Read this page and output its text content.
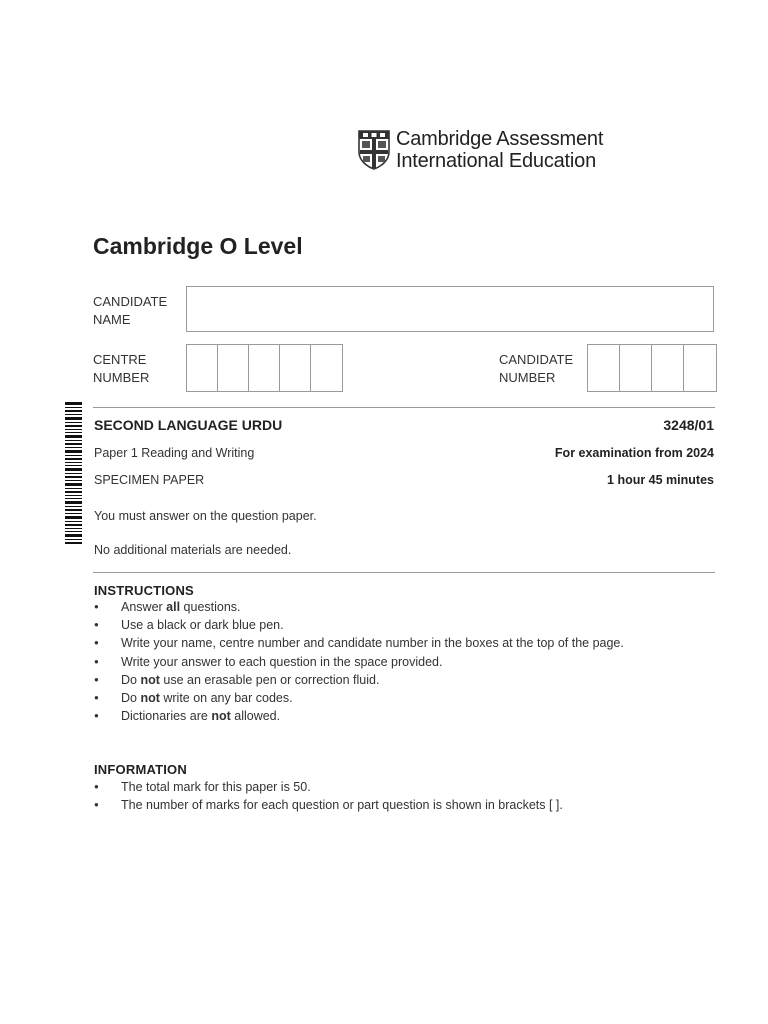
Cambridge Assessment
International Education
Cambridge O Level
CANDIDATE
NAME
CENTRE
NUMBER
CANDIDATE
NUMBER
SECOND LANGUAGE URDU	3248/01
Paper 1 Reading and Writing	For examination from 2024
SPECIMEN PAPER	1 hour 45 minutes
You must answer on the question paper.
No additional materials are needed.
INSTRUCTIONS
● Answer all questions.
● Use a black or dark blue pen.
● Write your name, centre number and candidate number in the boxes at the top of the page.
● Write your answer to each question in the space provided.
● Do not use an erasable pen or correction fluid.
● Do not write on any bar codes.
● Dictionaries are not allowed.
INFORMATION
● The total mark for this paper is 50.
● The number of marks for each question or part question is shown in brackets [ ].
